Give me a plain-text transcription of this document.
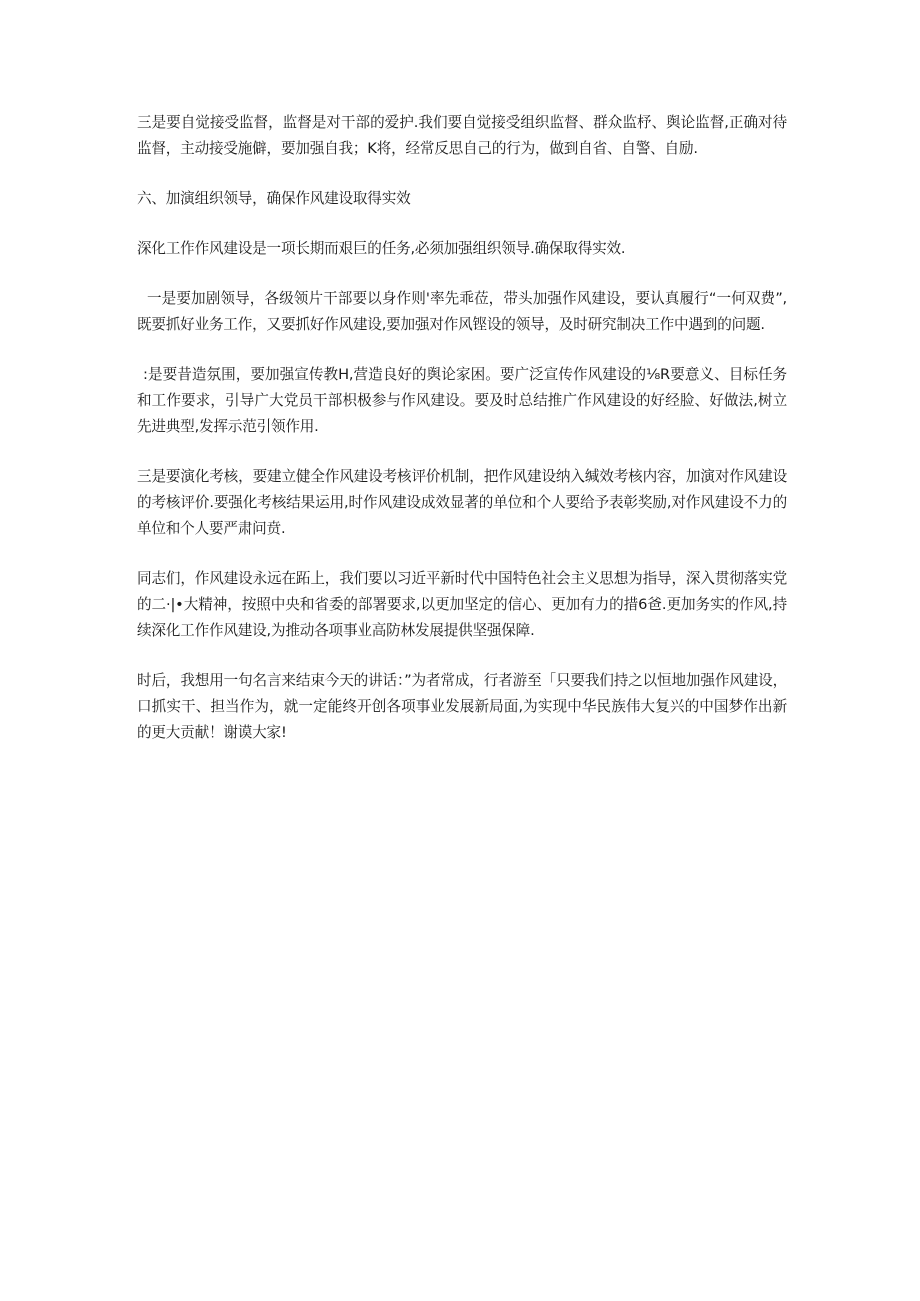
三是要自觉接受监督，监督是对干部的爱护.我们要自觉接受组织监督、群众监杼、舆论监督,正确对待监督，主动接受施僻，要加强自我；K将，经常反思自己的行为，做到自省、自警、自励.

六、加演组织领导，确保作风建设取得实效

深化工作作风建设是一项长期而艰巨的任务,必须加强组织领导.确保取得实效.

一是要加剧领导，各级领片干部要以身作则'率先乖莅，带头加强作风建设，要认真履行“一何双费”,既要抓好业务工作，又要抓好作风建设,要加强对作风铿设的领导，及时研究制决工作中遇到的问题.

:是要昔造氛围，要加强宣传教H,营造良好的舆论家困。要广泛宣传作风建设的⅛R要意义、目标任务和工作要求，引导广大党员干部枳极参与作风建设。要及时总结推广作风建设的好经脸、好做法,树立先进典型,发挥示范引领作用.

三是要演化考核，要建立健全作风建设考核评价机制，把作风建设纳入缄效考核内容，加演对作风建设的考核评价.要强化考核结果运用,时作风建设成效显著的单位和个人要给予表彰奖励,对作风建设不力的单位和个人要严肃问贲.

同志们，作风建设永远在跖上，我们要以习近平新时代中国特色社会主义思想为指导，深入贯彻落实党的二·|•大精神，按照中央和省委的部署要求,以更加坚定的信心、更加有力的措6爸.更加务实的作风,持续深化工作作风建设,为推动各项事业高防林发展提供坚强保障.

时后，我想用一句名言来结束今天的讲话：”为者常成，行者游至「只要我们持之以恒地加强作风建设，口抓实干、担当作为，就一定能终开创各项事业发展新局面,为实现中华民族伟大复兴的中国梦作出新的更大贡献！谢谟大家!
